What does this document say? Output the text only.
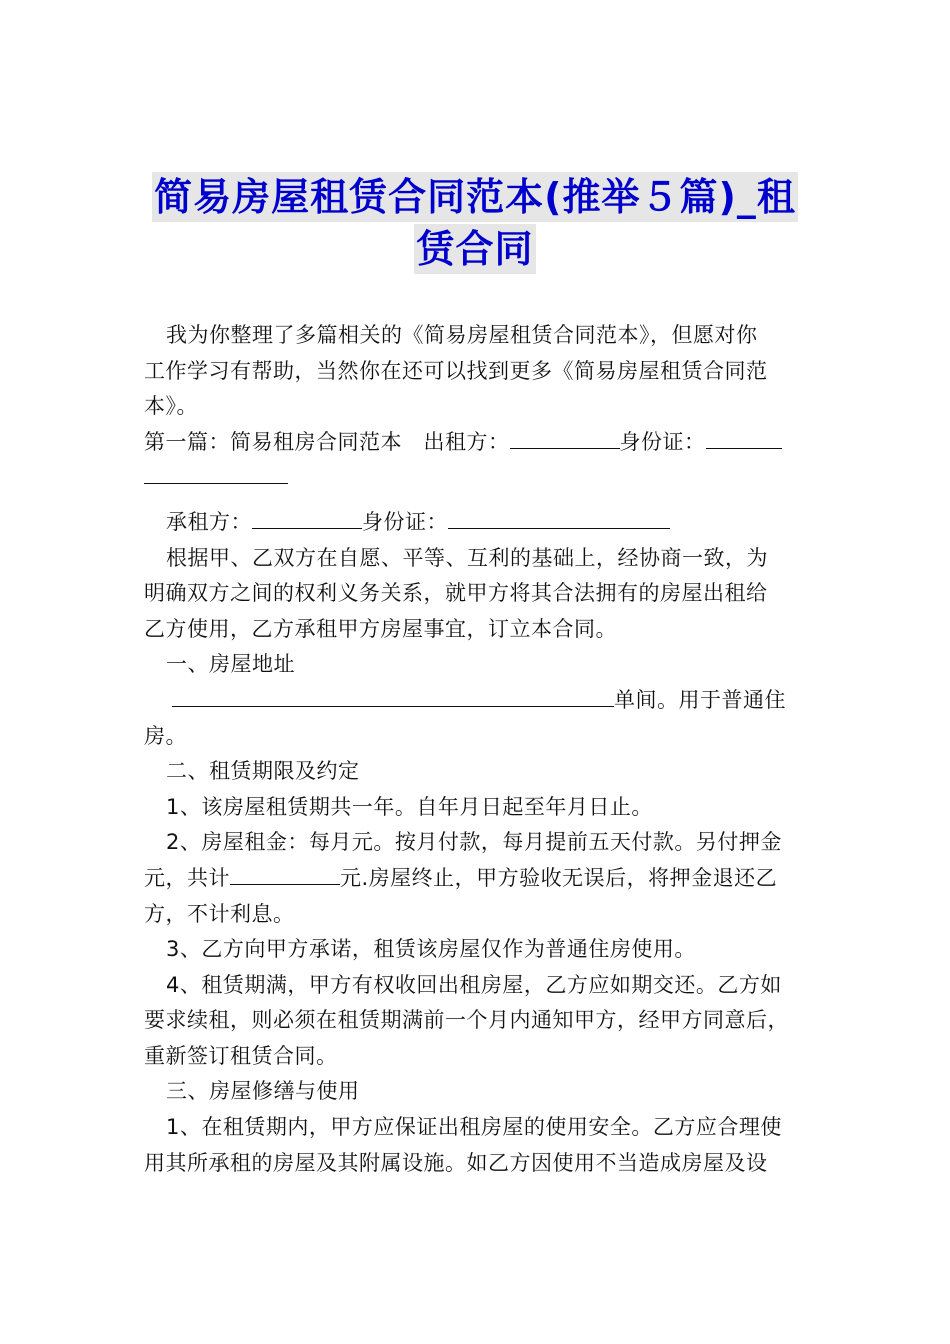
简易房屋租赁合同范本(推举５篇)_租
赁合同
我为你整理了多篇相关的《简易房屋租赁合同范本》，但愿对你
工作学习有帮助，当然你在还可以找到更多《简易房屋租赁合同范
本》。
第一篇：简易租房合同范本　出租方：	身份证：
承租方：	身份证：
根据甲、乙双方在自愿、平等、互利的基础上，经协商一致，为
明确双方之间的权利义务关系，就甲方将其合法拥有的房屋出租给
乙方使用，乙方承租甲方房屋事宜，订立本合同。
一、房屋地址
单间。用于普通住
房。
二、租赁期限及约定
1、该房屋租赁期共一年。自年月日起至年月日止。
2、房屋租金：每月元。按月付款，每月提前五天付款。另付押金
元，共计	元.房屋终止，甲方验收无误后，将押金退还乙
方，不计利息。
3、乙方向甲方承诺，租赁该房屋仅作为普通住房使用。
4、租赁期满，甲方有权收回出租房屋，乙方应如期交还。乙方如
要求续租，则必须在租赁期满前一个月内通知甲方，经甲方同意后，
重新签订租赁合同。
三、房屋修缮与使用
1、在租赁期内，甲方应保证出租房屋的使用安全。乙方应合理使
用其所承租的房屋及其附属设施。如乙方因使用不当造成房屋及设
